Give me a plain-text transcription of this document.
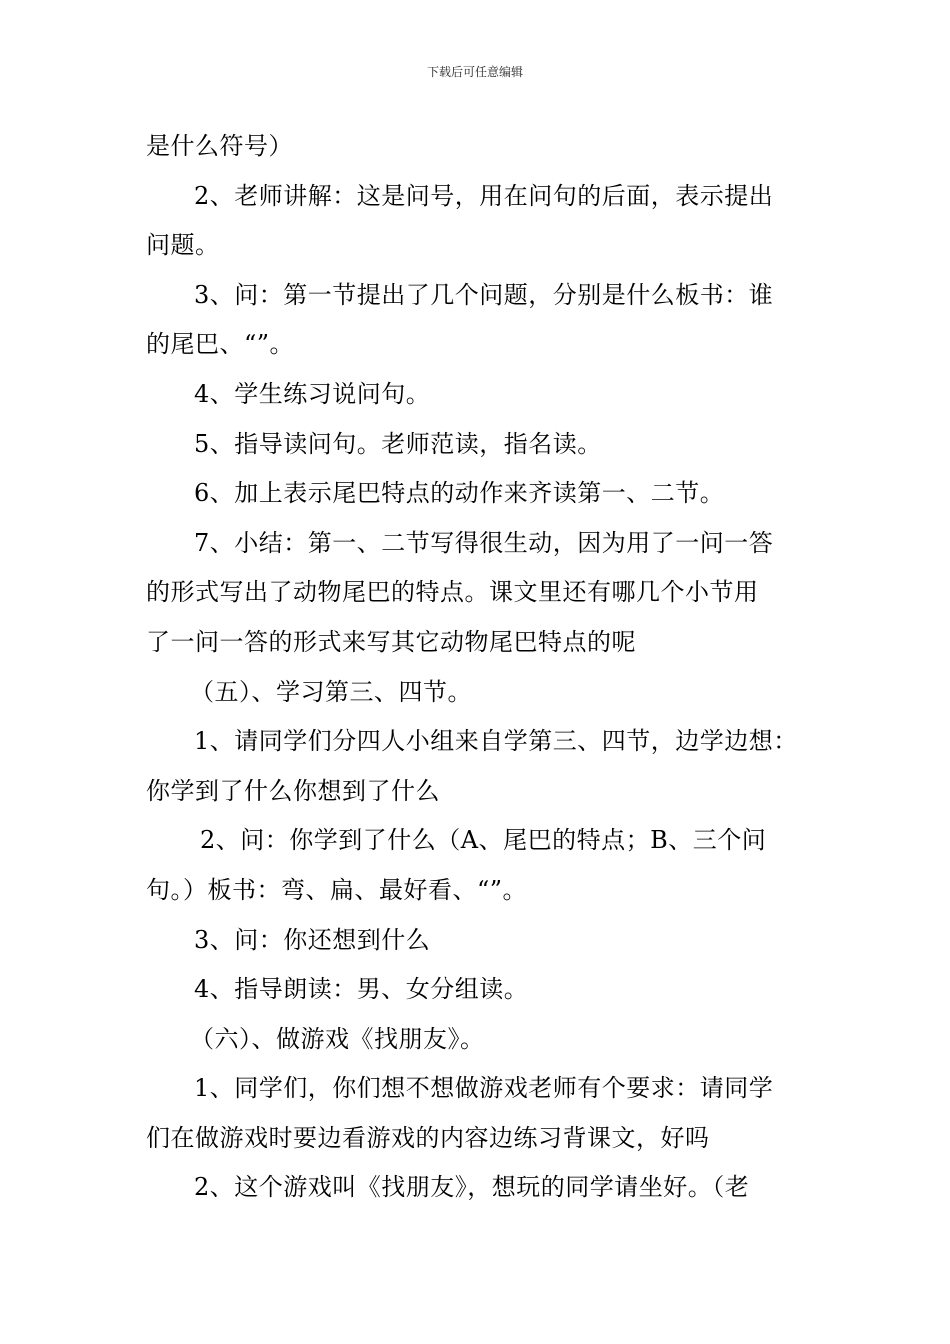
下载后可任意编辑
是什么符号）
2、老师讲解：这是问号，用在问句的后面，表示提出
问题。
3、问：第一节提出了几个问题，分别是什么板书：谁
的尾巴、“”。
4、学生练习说问句。
5、指导读问句。老师范读，指名读。
6、加上表示尾巴特点的动作来齐读第一、二节。
7、小结：第一、二节写得很生动，因为用了一问一答
的形式写出了动物尾巴的特点。课文里还有哪几个小节用
了一问一答的形式来写其它动物尾巴特点的呢
（五）、学习第三、四节。
1、请同学们分四人小组来自学第三、四节，边学边想：
你学到了什么你想到了什么
2、问：你学到了什么（A、尾巴的特点；B、三个问
句。）板书：弯、扁、最好看、“”。
3、问：你还想到什么
4、指导朗读：男、女分组读。
（六）、做游戏《找朋友》。
1、同学们，你们想不想做游戏老师有个要求：请同学
们在做游戏时要边看游戏的内容边练习背课文，好吗
2、这个游戏叫《找朋友》，想玩的同学请坐好。（老
